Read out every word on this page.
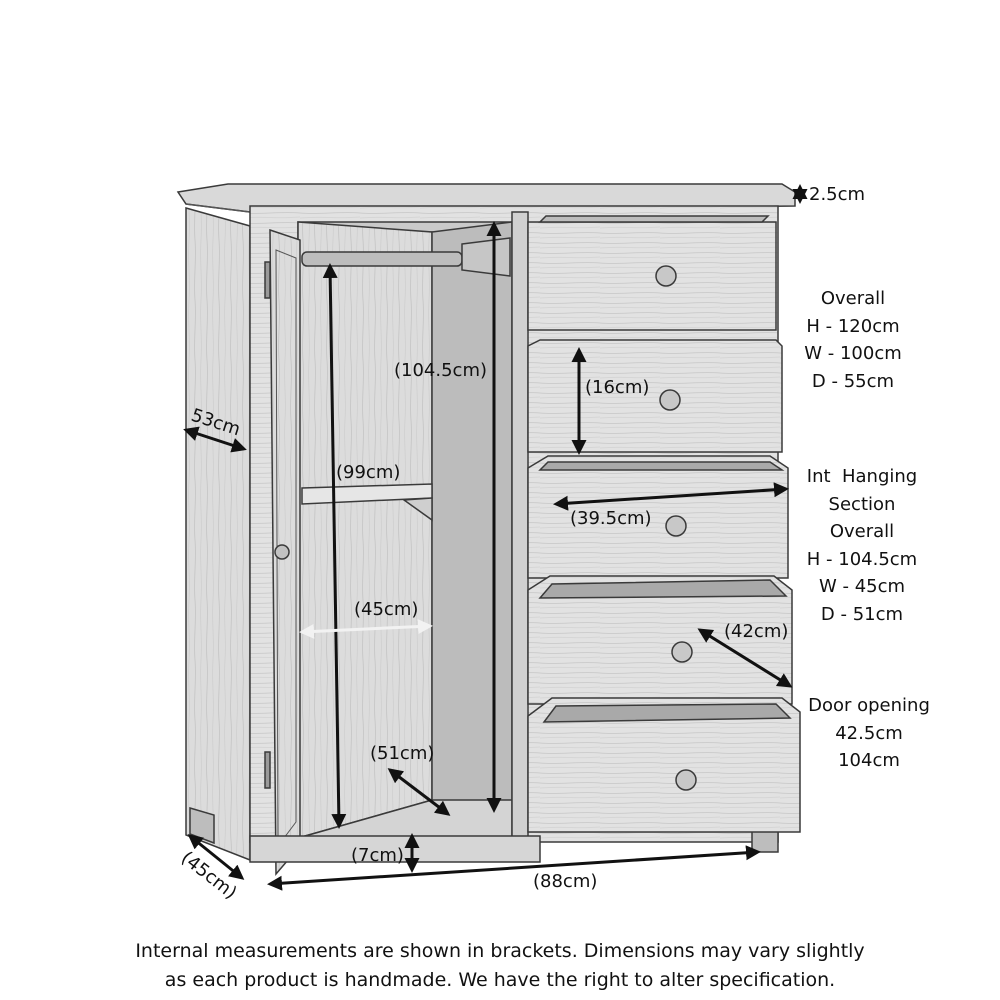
2.5cm
53cm
(45cm)	(7cm)
(88cm)
(104.5cm)
(99cm)
(45cm)
(51cm)
(16cm)
(39.5cm)
(42cm)
Overall
H - 120cm
W - 100cm
D - 55cm
Int  Hanging
Section
Overall
H - 104.5cm
W - 45cm
D - 51cm
Door opening
42.5cm
104cm
Internal measurements are shown in brackets. Dimensions may vary slightly
as each product is handmade. We have the right to alter specification.
